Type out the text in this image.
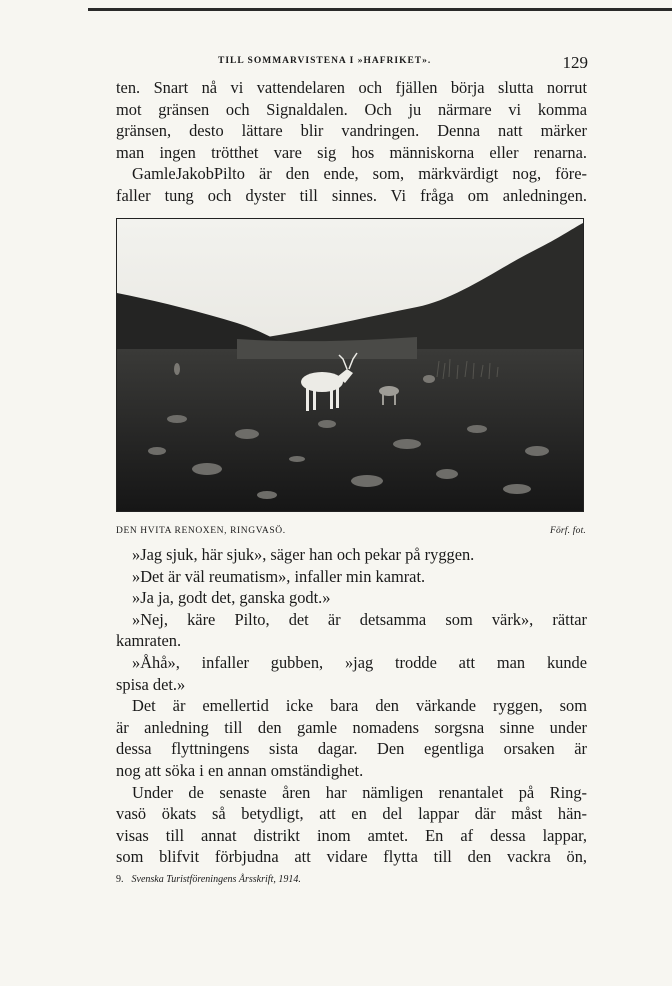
TILL SOMMARVISTENA I »HAFRIKET».	129
ten. Snart nå vi vattendelaren och fjällen börja slutta norrut
mot gränsen och Signaldalen. Och ju närmare vi komma
gränsen, desto lättare blir vandringen. Denna natt märker
man ingen trötthet vare sig hos människorna eller renarna.
GamleJakobPilto är den ende, som, märkvärdigt nog, före-
faller tung och dyster till sinnes. Vi fråga om anledningen.
DEN HVITA RENOXEN, RINGVASÖ.	Förf. fot.
»Jag sjuk, här sjuk», säger han och pekar på ryggen.
»Det är väl reumatism», infaller min kamrat.
»Ja ja, godt det, ganska godt.»
»Nej, käre Pilto, det är detsamma som värk», rättar
kamraten.
»Åhå», infaller gubben, »jag trodde att man kunde
spisa det.»
Det är emellertid icke bara den värkande ryggen, som
är anledning till den gamle nomadens sorgsna sinne under
dessa flyttningens sista dagar. Den egentliga orsaken är
nog att söka i en annan omständighet.
Under de senaste åren har nämligen renantalet på Ring-
vasö ökats så betydligt, att en del lappar där måst hän-
visas till annat distrikt inom amtet. En af dessa lappar,
som blifvit förbjudna att vidare flytta till den vackra ön,
9. Svenska Turistföreningens Årsskrift, 1914.
